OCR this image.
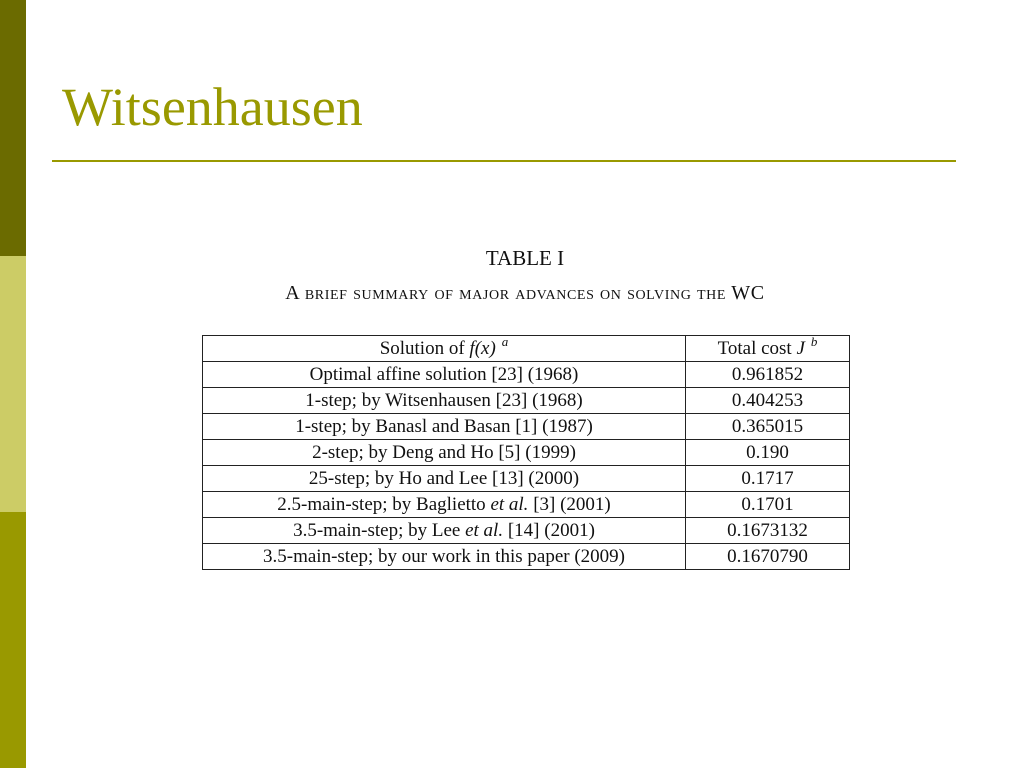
Witsenhausen

TABLE I

A brief summary of major advances on solving the WC

Solution of f(x) $^a$	Total cost J $^b$
Optimal affine solution [23] (1968)	0.961852
1-step; by Witsenhausen [23] (1968)	0.404253
1-step; by Banasl and Basan [1] (1987)	0.365015
2-step; by Deng and Ho [5] (1999)	0.190
25-step; by Ho and Lee [13] (2000)	0.1717
2.5-main-step; by Baglietto et al. [3] (2001)	0.1701
3.5-main-step; by Lee et al. [14] (2001)	0.1673132
3.5-main-step; by our work in this paper (2009)	0.1670790
